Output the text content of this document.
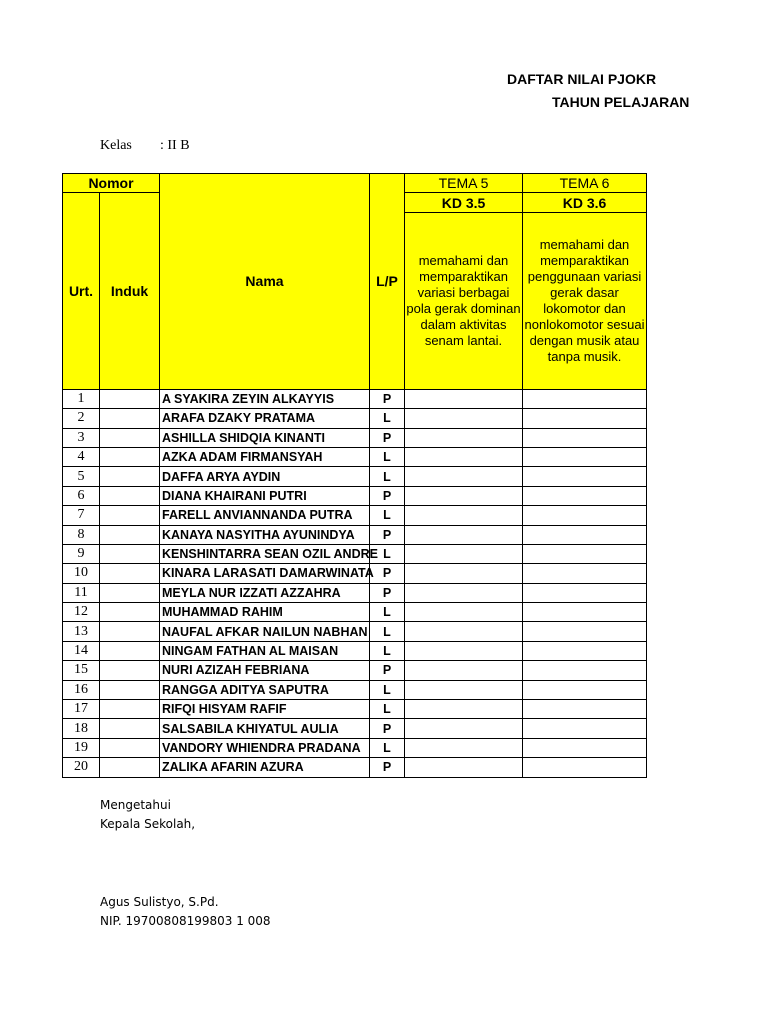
DAFTAR NILAI PJOKR
TAHUN PELAJARAN
Kelas : II B
Nomor		Nama	L/P	TEMA 5	TEMA 6
Urt.	Induk			KD 3.5	KD 3.6
				memahami dan memparaktikan variasi berbagai pola gerak dominan dalam aktivitas senam lantai.	memahami dan memparaktikan penggunaan variasi gerak dasar lokomotor dan nonlokomotor sesuai dengan musik atau tanpa musik.
1		A SYAKIRA ZEYIN ALKAYYIS	P		
2		ARAFA DZAKY PRATAMA	L		
3		ASHILLA SHIDQIA KINANTI	P		
4		AZKA ADAM FIRMANSYAH	L		
5		DAFFA ARYA AYDIN	L		
6		DIANA KHAIRANI PUTRI	P		
7		FARELL ANVIANNANDA PUTRA	L		
8		KANAYA NASYITHA AYUNINDYA	P		
9		KENSHINTARRA SEAN OZIL ANDRE	L		
10		KINARA LARASATI DAMARWINATA	P		
11		MEYLA NUR IZZATI AZZAHRA	P		
12		MUHAMMAD RAHIM	L		
13		NAUFAL AFKAR NAILUN NABHAN	L		
14		NINGAM FATHAN AL MAISAN	L		
15		NURI AZIZAH FEBRIANA	P		
16		RANGGA ADITYA SAPUTRA	L		
17		RIFQI HISYAM RAFIF	L		
18		SALSABILA KHIYATUL AULIA	P		
19		VANDORY WHIENDRA PRADANA	L		
20		ZALIKA AFARIN AZURA	P		
Mengetahui
Kepala Sekolah,
Agus Sulistyo, S.Pd.
NIP. 19700808199803 1 008
